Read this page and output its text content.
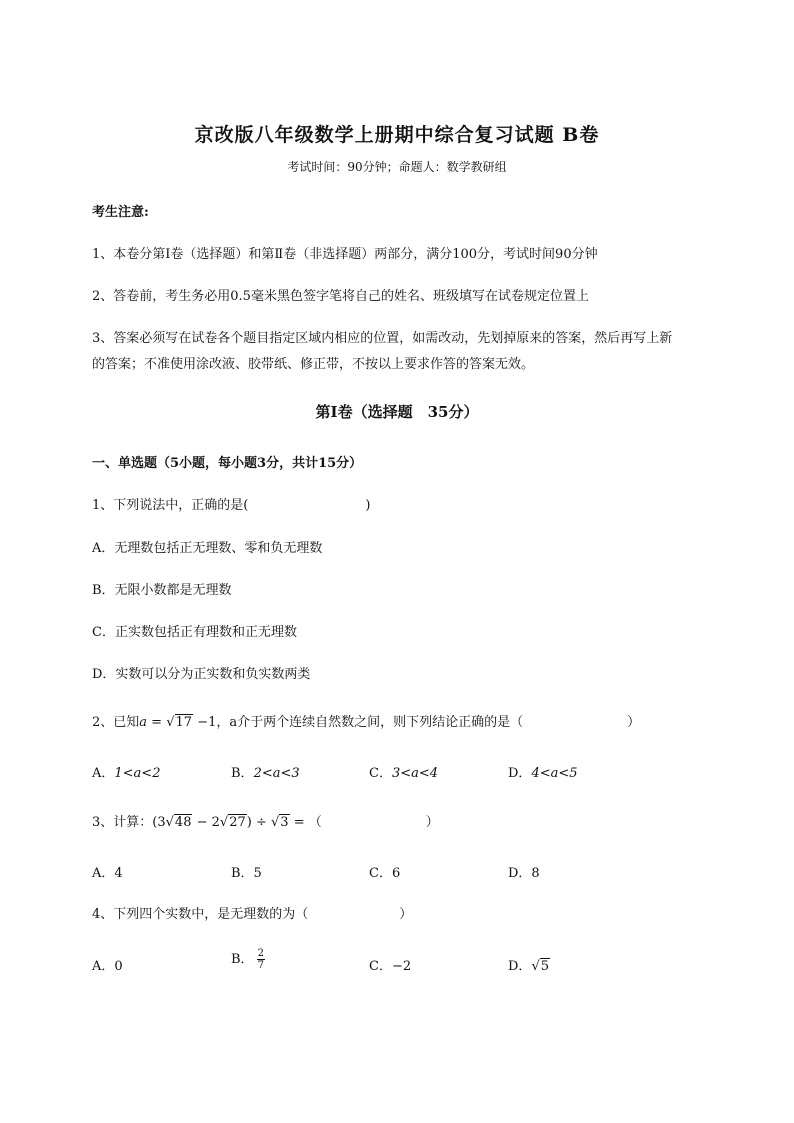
京改版八年级数学上册期中综合复习试题 B卷
考试时间：90分钟；命题人：数学教研组
考生注意:
1、本卷分第I卷（选择题）和第Ⅱ卷（非选择题）两部分，满分100分，考试时间90分钟
2、答卷前，考生务必用0.5毫米黑色签字笔将自己的姓名、班级填写在试卷规定位置上
3、答案必须写在试卷各个题目指定区域内相应的位置，如需改动，先划掉原来的答案，然后再写上新
的答案；不准使用涂改液、胶带纸、修正带，不按以上要求作答的答案无效。
第I卷（选择题　35分）
一、单选题（5小题，每小题3分，共计15分）
1、下列说法中，正确的是(　　　　　　　　　)
A．无理数包括正无理数、零和负无理数
B．无限小数都是无理数
C．正实数包括正有理数和正无理数
D．实数可以分为正实数和负实数两类
2、已知a = √17 −1，a介于两个连续自然数之间，则下列结论正确的是（　　　　　　　　）
A．1<a<2	B．2<a<3	C．3<a<4	D．4<a<5
3、计算：(3√48 − 2√27) ÷ √3 = （　　　　　　　　）
A．4	B．5	C．6	D．8
4、下列四个实数中，是无理数的为（　　　　　　　）
A．0	B． $\frac{2}{7}$	C．−2	D．√5
